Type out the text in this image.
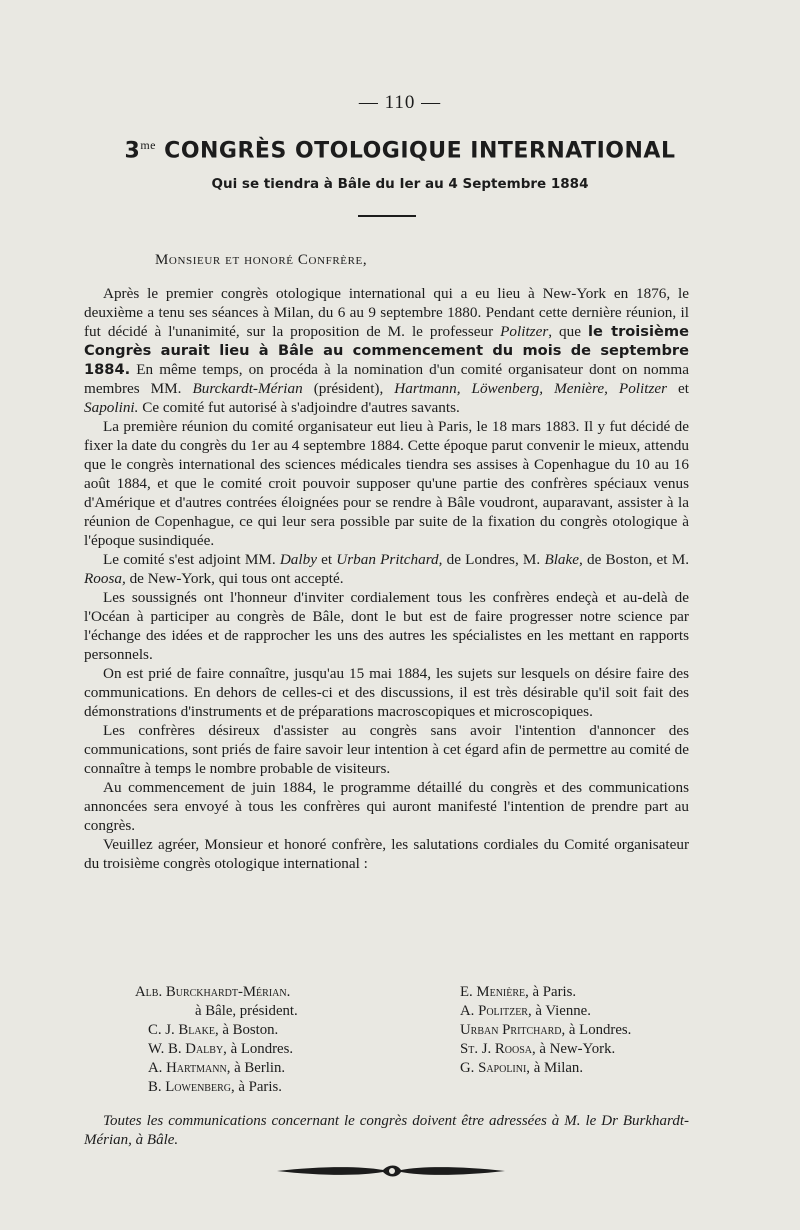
— 110 —
$3^{me}$ CONGRÈS OTOLOGIQUE INTERNATIONAL
Qui se tiendra à Bâle du Ier au 4 Septembre 1884
Monsieur et honoré Confrère,

Après le premier congrès otologique international qui a eu lieu à New-York en 1876, le deuxième a tenu ses séances à Milan, du 6 au 9 septembre 1880. Pendant cette dernière réunion, il fut décidé à l'unanimité, sur la proposition de M. le professeur Politzer, que le troisième Congrès aurait lieu à Bâle au commencement du mois de septembre 1884. En même temps, on procéda à la nomination d'un comité organisateur dont on nomma membres MM. Burckardt-Mérian (président), Hartmann, Löwenberg, Menière, Politzer et Sapolini. Ce comité fut autorisé à s'adjoindre d'autres savants.

La première réunion du comité organisateur eut lieu à Paris, le 18 mars 1883. Il y fut décidé de fixer la date du congrès du 1er au 4 septembre 1884. Cette époque parut convenir le mieux, attendu que le congrès international des sciences médicales tiendra ses assises à Copenhague du 10 au 16 août 1884, et que le comité croit pouvoir supposer qu'une partie des confrères spéciaux venus d'Amérique et d'autres contrées éloignées pour se rendre à Bâle voudront, auparavant, assister à la réunion de Copenhague, ce qui leur sera possible par suite de la fixation du congrès otologique à l'époque susindiquée.

Le comité s'est adjoint MM. Dalby et Urban Pritchard, de Londres, M. Blake, de Boston, et M. Roosa, de New-York, qui tous ont accepté.

Les soussignés ont l'honneur d'inviter cordialement tous les confrères endeçà et au-delà de l'Océan à participer au congrès de Bâle, dont le but est de faire progresser notre science par l'échange des idées et de rapprocher les uns des autres les spécialistes en les mettant en rapports personnels.

On est prié de faire connaître, jusqu'au 15 mai 1884, les sujets sur lesquels on désire faire des communications. En dehors de celles-ci et des discussions, il est très désirable qu'il soit fait des démonstrations d'instruments et de préparations macroscopiques et microscopiques.

Les confrères désireux d'assister au congrès sans avoir l'intention d'annoncer des communications, sont priés de faire savoir leur intention à cet égard afin de permettre au comité de connaître à temps le nombre probable de visiteurs.

Au commencement de juin 1884, le programme détaillé du congrès et des communications annoncées sera envoyé à tous les confrères qui auront manifesté l'intention de prendre part au congrès.

Veuillez agréer, Monsieur et honoré confrère, les salutations cordiales du Comité organisateur du troisième congrès otologique international :

Alb. Burckhardt-Mérian.
à Bâle, président.
C. J. Blake, à Boston.
W. B. Dalby, à Londres.
A. Hartmann, à Berlin.
B. Lowenberg, à Paris.
E. Menière, à Paris.
A. Politzer, à Vienne.
Urban Pritchard, à Londres.
St. J. Roosa, à New-York.
G. Sapolini, à Milan.

Toutes les communications concernant le congrès doivent être adressées à M. le Dr Burkhardt-Mérian, à Bâle.
